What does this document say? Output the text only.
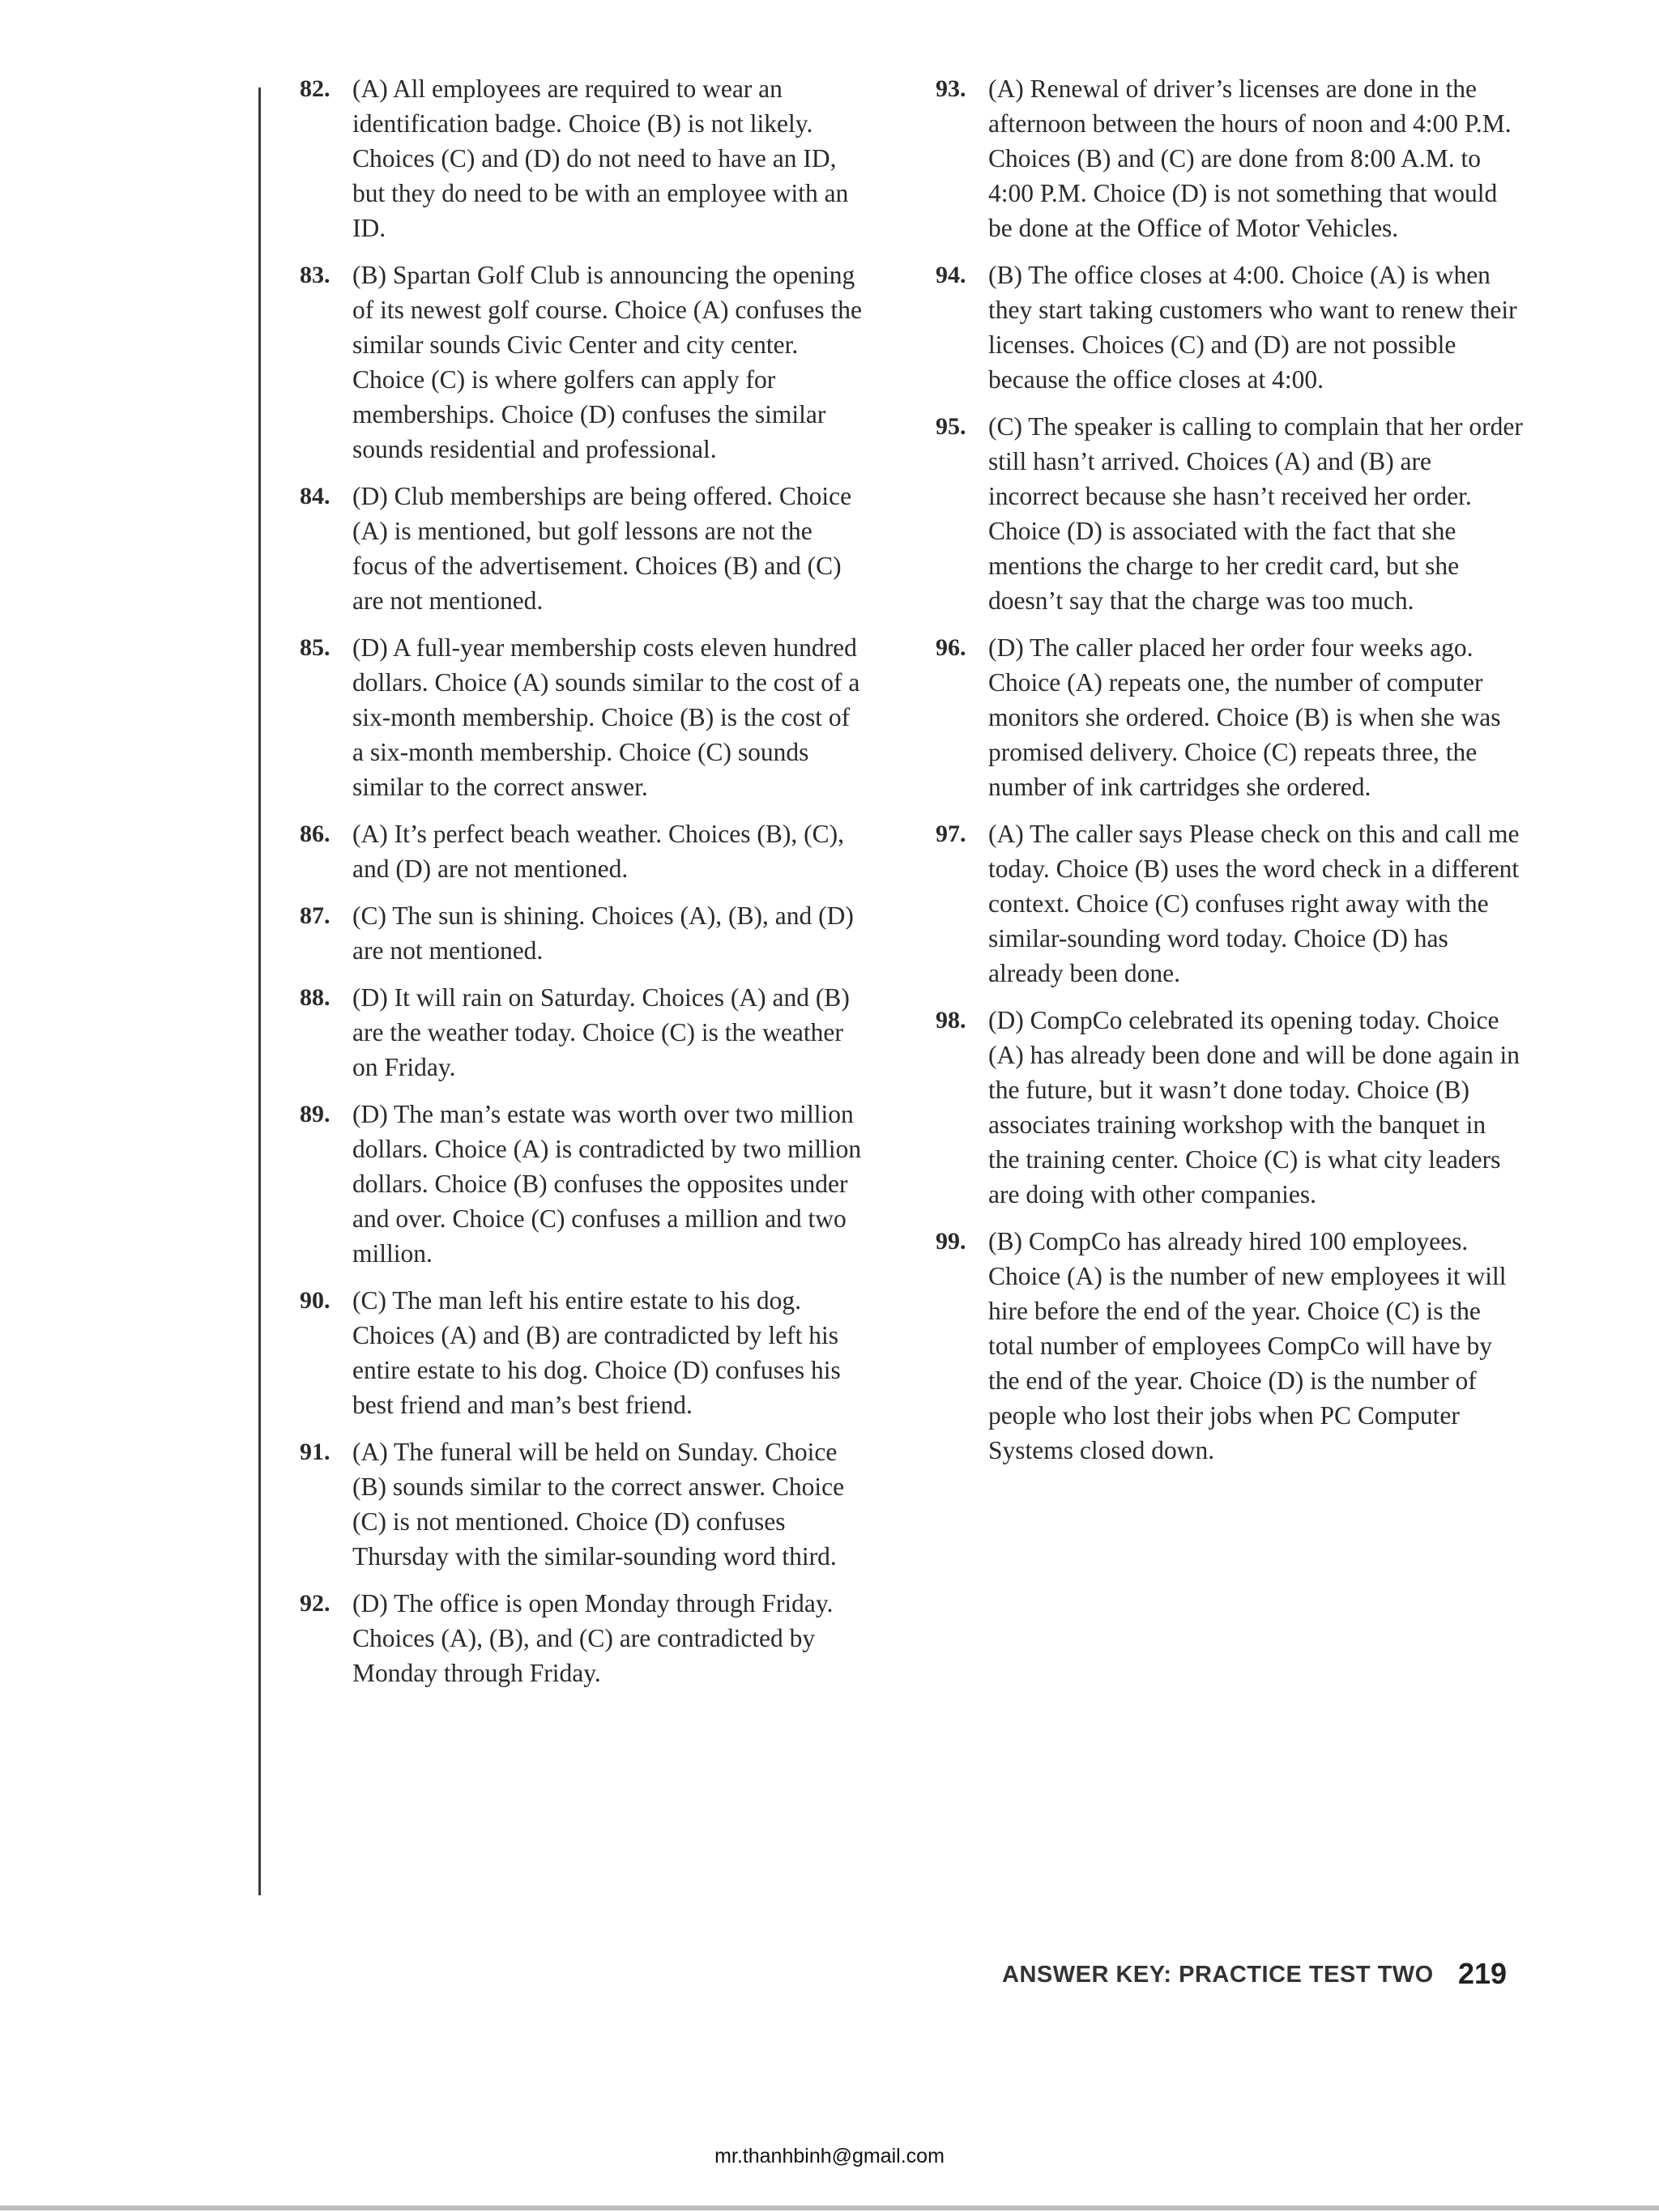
82. (A) All employees are required to wear an identification badge. Choice (B) is not likely. Choices (C) and (D) do not need to have an ID, but they do need to be with an employee with an ID.
83. (B) Spartan Golf Club is announcing the opening of its newest golf course. Choice (A) confuses the similar sounds Civic Center and city center. Choice (C) is where golfers can apply for memberships. Choice (D) confuses the similar sounds residential and professional.
84. (D) Club memberships are being offered. Choice (A) is mentioned, but golf lessons are not the focus of the advertisement. Choices (B) and (C) are not mentioned.
85. (D) A full-year membership costs eleven hundred dollars. Choice (A) sounds similar to the cost of a six-month membership. Choice (B) is the cost of a six-month membership. Choice (C) sounds similar to the correct answer.
86. (A) It’s perfect beach weather. Choices (B), (C), and (D) are not mentioned.
87. (C) The sun is shining. Choices (A), (B), and (D) are not mentioned.
88. (D) It will rain on Saturday. Choices (A) and (B) are the weather today. Choice (C) is the weather on Friday.
89. (D) The man’s estate was worth over two million dollars. Choice (A) is contradicted by two million dollars. Choice (B) confuses the opposites under and over. Choice (C) confuses a million and two million.
90. (C) The man left his entire estate to his dog. Choices (A) and (B) are contradicted by left his entire estate to his dog. Choice (D) confuses his best friend and man’s best friend.
91. (A) The funeral will be held on Sunday. Choice (B) sounds similar to the correct answer. Choice (C) is not mentioned. Choice (D) confuses Thursday with the similar-sounding word third.
92. (D) The office is open Monday through Friday. Choices (A), (B), and (C) are contradicted by Monday through Friday.
93. (A) Renewal of driver’s licenses are done in the afternoon between the hours of noon and 4:00 P.M. Choices (B) and (C) are done from 8:00 A.M. to 4:00 P.M. Choice (D) is not something that would be done at the Office of Motor Vehicles.
94. (B) The office closes at 4:00. Choice (A) is when they start taking customers who want to renew their licenses. Choices (C) and (D) are not possible because the office closes at 4:00.
95. (C) The speaker is calling to complain that her order still hasn’t arrived. Choices (A) and (B) are incorrect because she hasn’t received her order. Choice (D) is associated with the fact that she mentions the charge to her credit card, but she doesn’t say that the charge was too much.
96. (D) The caller placed her order four weeks ago. Choice (A) repeats one, the number of computer monitors she ordered. Choice (B) is when she was promised delivery. Choice (C) repeats three, the number of ink cartridges she ordered.
97. (A) The caller says Please check on this and call me today. Choice (B) uses the word check in a different context. Choice (C) confuses right away with the similar-sounding word today. Choice (D) has already been done.
98. (D) CompCo celebrated its opening today. Choice (A) has already been done and will be done again in the future, but it wasn’t done today. Choice (B) associates training workshop with the banquet in the training center. Choice (C) is what city leaders are doing with other companies.
99. (B) CompCo has already hired 100 employees. Choice (A) is the number of new employees it will hire before the end of the year. Choice (C) is the total number of employees CompCo will have by the end of the year. Choice (D) is the number of people who lost their jobs when PC Computer Systems closed down.
ANSWER KEY: PRACTICE TEST TWO 219
mr.thanhbinh@gmail.com
